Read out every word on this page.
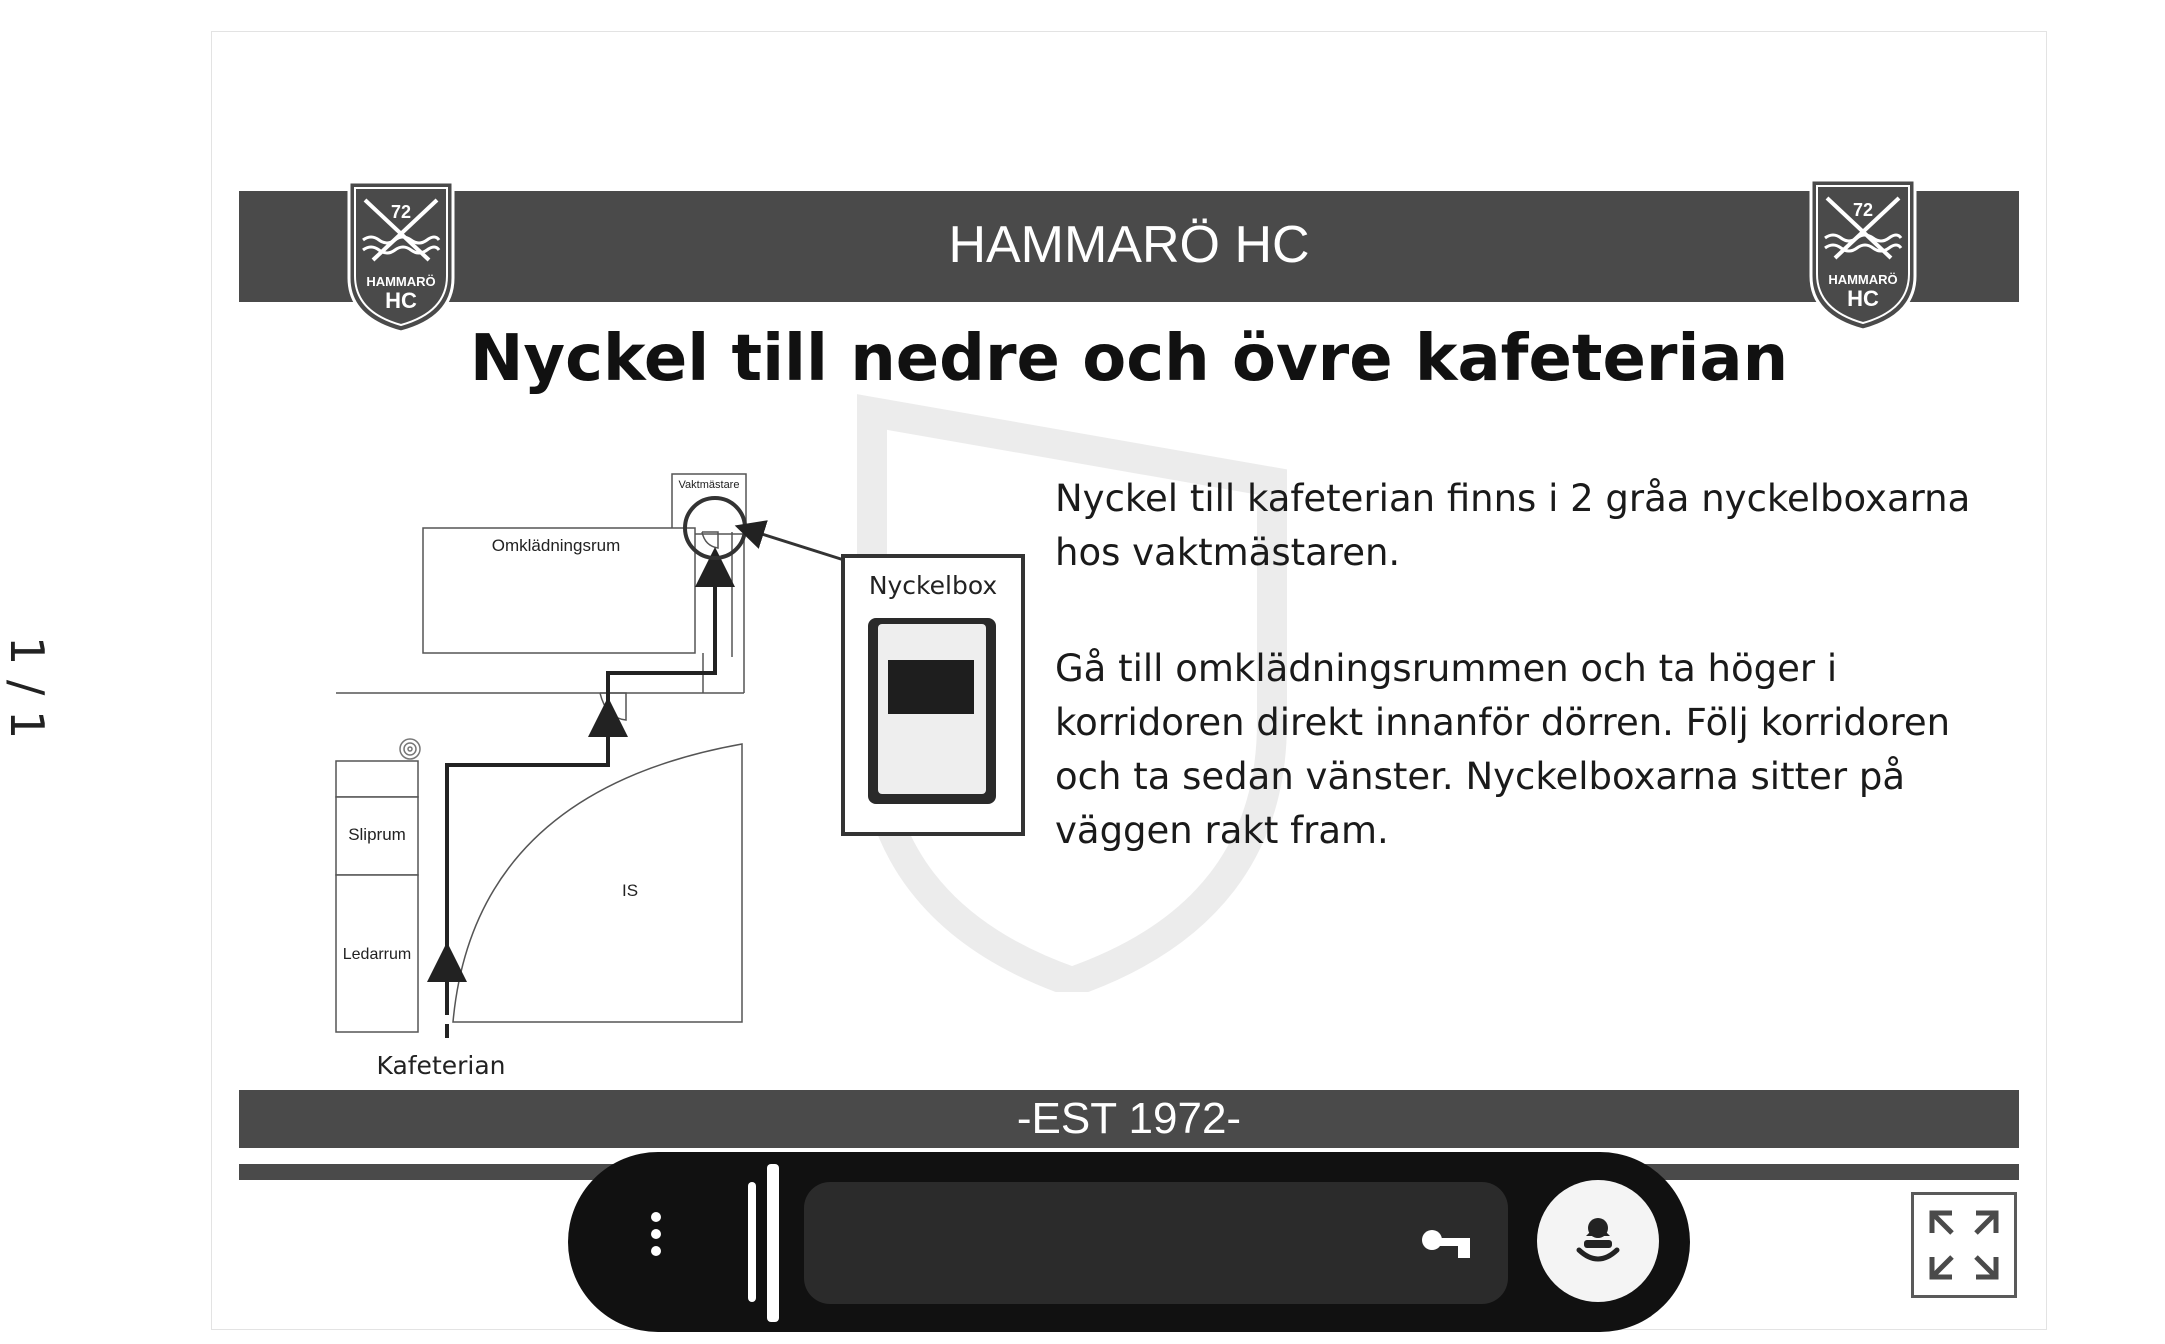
1 / 1
HAMMARÖ HC
72
HAMMARÖ
HC
72
HAMMARÖ
HC
Nyckel till nedre och övre kafeterian
Vaktmästare
Omklädningsrum
Sliprum
Ledarrum
IS
Nyckelbox
Kafeterian

Nyckel till kafeterian finns i 2 gråa nyckelboxarna hos vaktmästaren.

Gå till omklädningsrummen och ta höger i korridoren direkt innanför dörren. Följ korridoren och ta sedan vänster. Nyckelboxarna sitter på väggen rakt fram.

-EST 1972-
